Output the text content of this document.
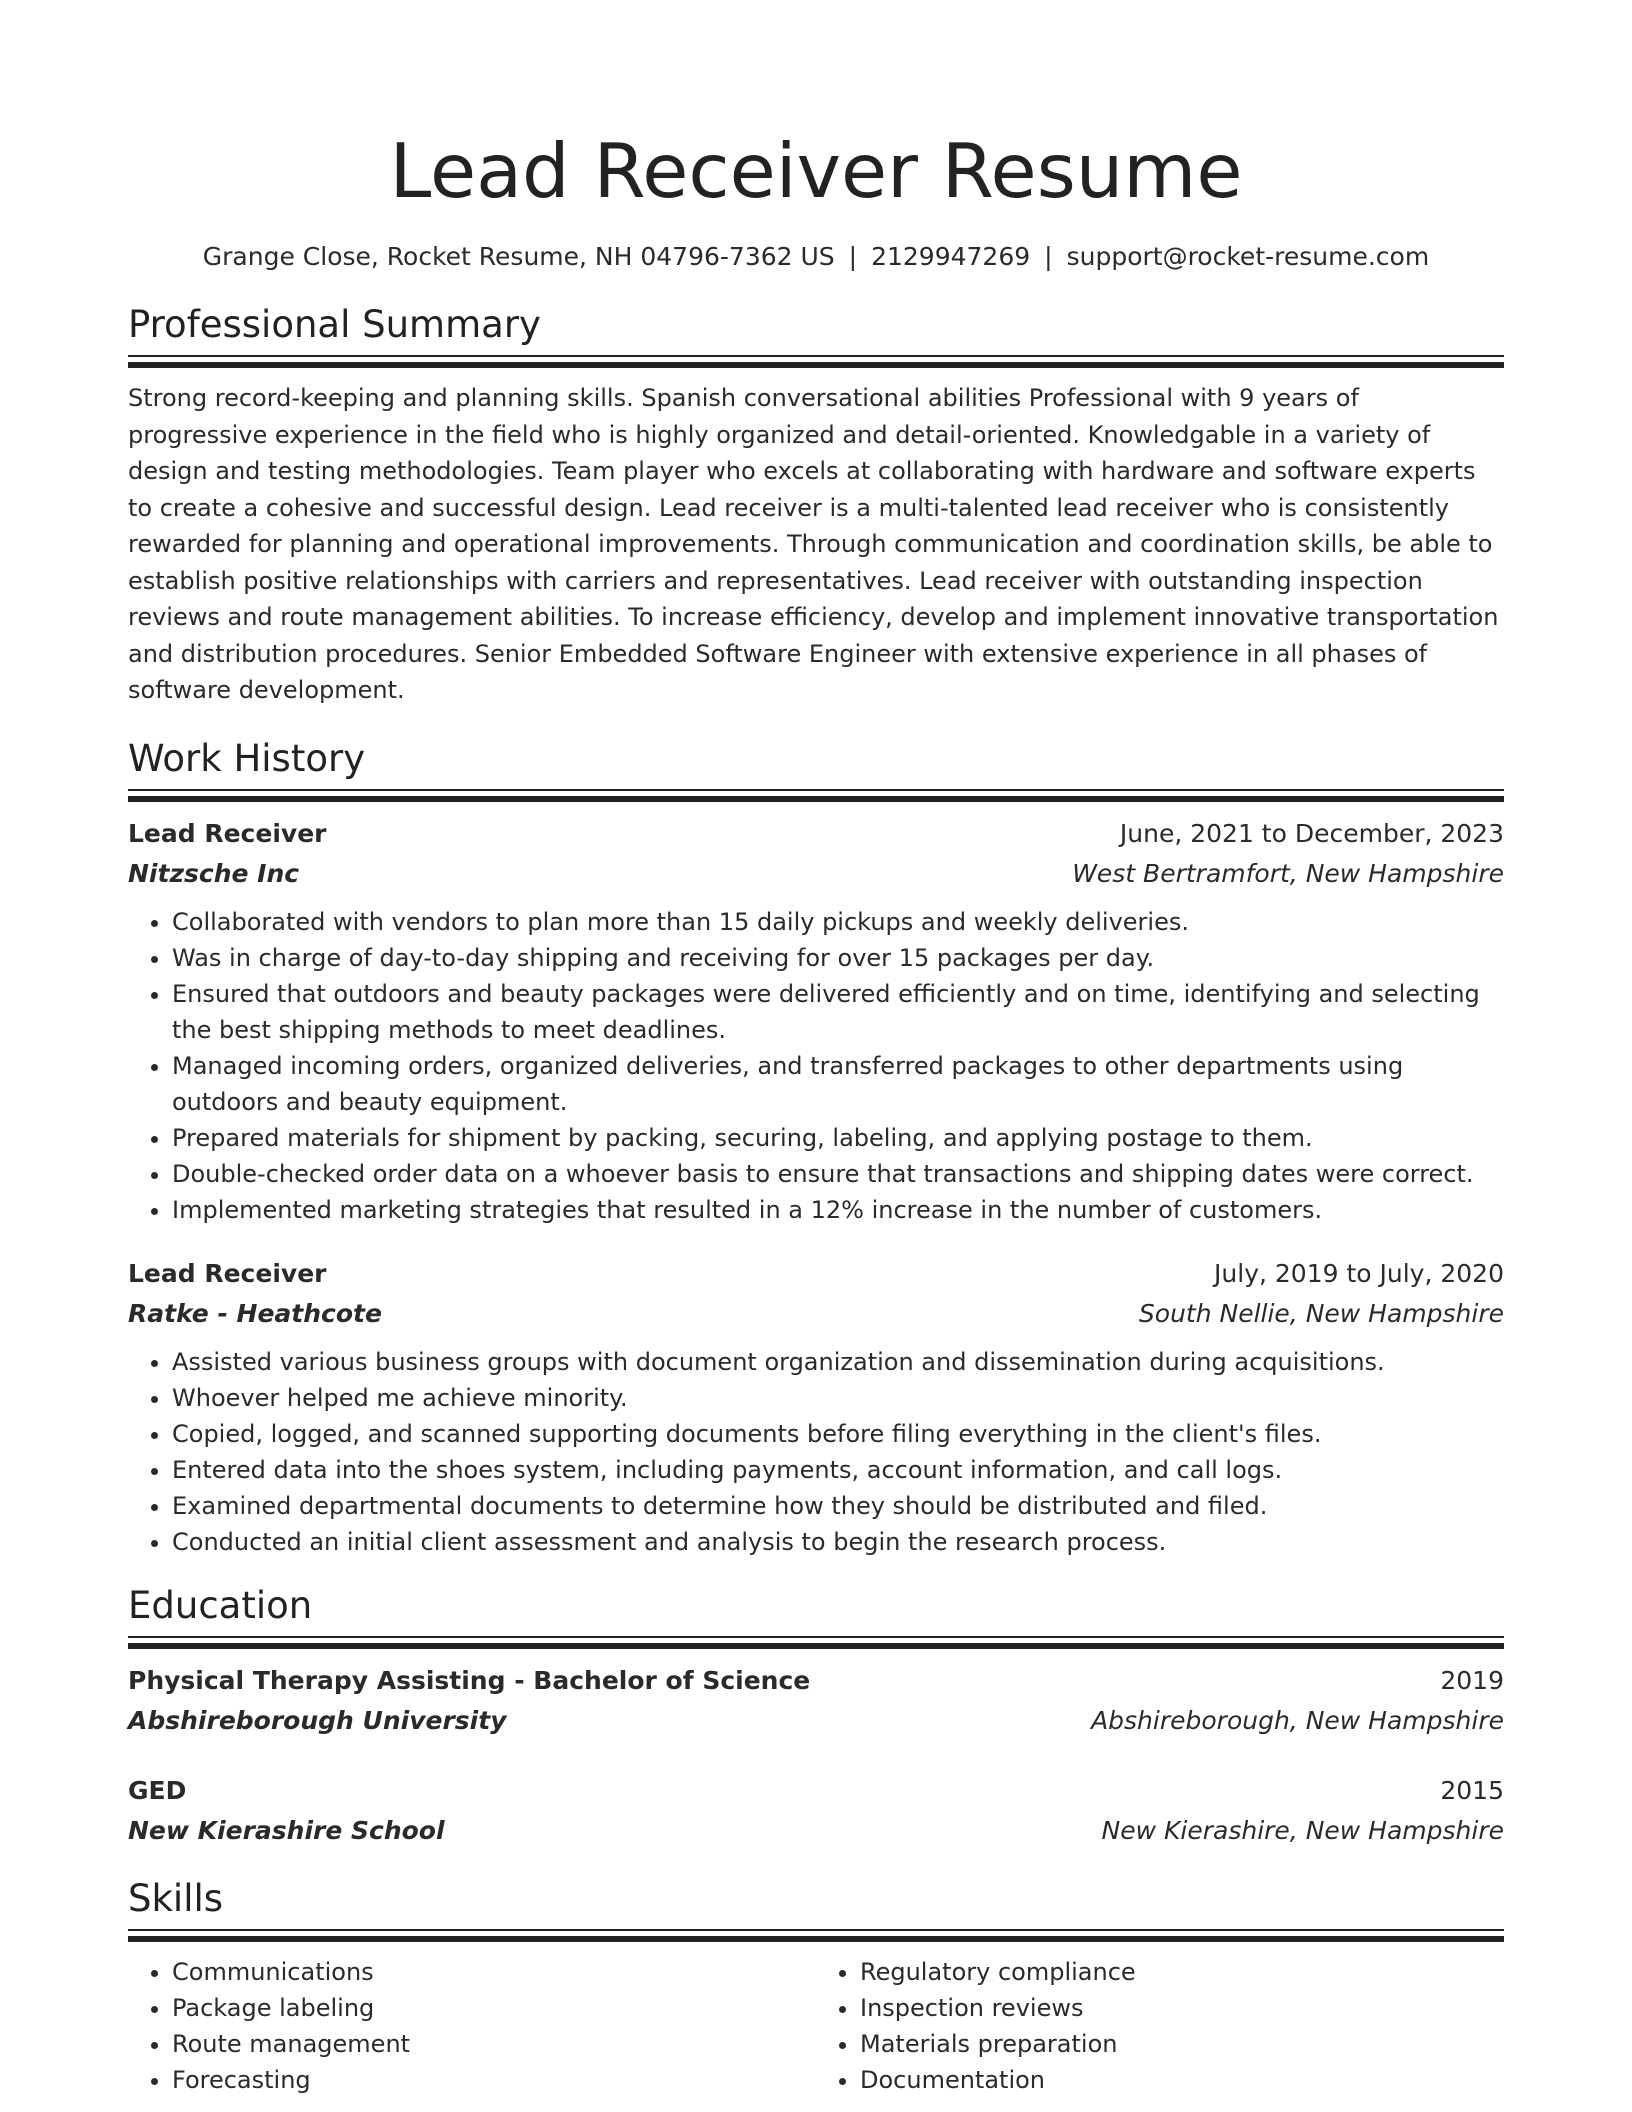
Lead Receiver Resume
Grange Close, Rocket Resume, NH 04796-7362 US | 2129947269 | support@rocket-resume.com
Professional Summary

Strong record-keeping and planning skills. Spanish conversational abilities Professional with 9 years of progressive experience in the field who is highly organized and detail-oriented. Knowledgable in a variety of design and testing methodologies. Team player who excels at collaborating with hardware and software experts to create a cohesive and successful design. Lead receiver is a multi-talented lead receiver who is consistently rewarded for planning and operational improvements. Through communication and coordination skills, be able to establish positive relationships with carriers and representatives. Lead receiver with outstanding inspection reviews and route management abilities. To increase efficiency, develop and implement innovative transportation and distribution procedures. Senior Embedded Software Engineer with extensive experience in all phases of software development.

Work History
Lead Receiver	June, 2021 to December, 2023
Nitzsche Inc	West Bertramfort, New Hampshire
• Collaborated with vendors to plan more than 15 daily pickups and weekly deliveries.
• Was in charge of day-to-day shipping and receiving for over 15 packages per day.
• Ensured that outdoors and beauty packages were delivered efficiently and on time, identifying and selecting the best shipping methods to meet deadlines.
• Managed incoming orders, organized deliveries, and transferred packages to other departments using outdoors and beauty equipment.
• Prepared materials for shipment by packing, securing, labeling, and applying postage to them.
• Double-checked order data on a whoever basis to ensure that transactions and shipping dates were correct.
• Implemented marketing strategies that resulted in a 12% increase in the number of customers.
Lead Receiver	July, 2019 to July, 2020
Ratke - Heathcote	South Nellie, New Hampshire
• Assisted various business groups with document organization and dissemination during acquisitions.
• Whoever helped me achieve minority.
• Copied, logged, and scanned supporting documents before filing everything in the client's files.
• Entered data into the shoes system, including payments, account information, and call logs.
• Examined departmental documents to determine how they should be distributed and filed.
• Conducted an initial client assessment and analysis to begin the research process.
Education
Physical Therapy Assisting - Bachelor of Science	2019
Abshireborough University	Abshireborough, New Hampshire
GED	2015
New Kierashire School	New Kierashire, New Hampshire
Skills
• Communications
• Package labeling
• Route management
• Forecasting
• Regulatory compliance
• Inspection reviews
• Materials preparation
• Documentation
